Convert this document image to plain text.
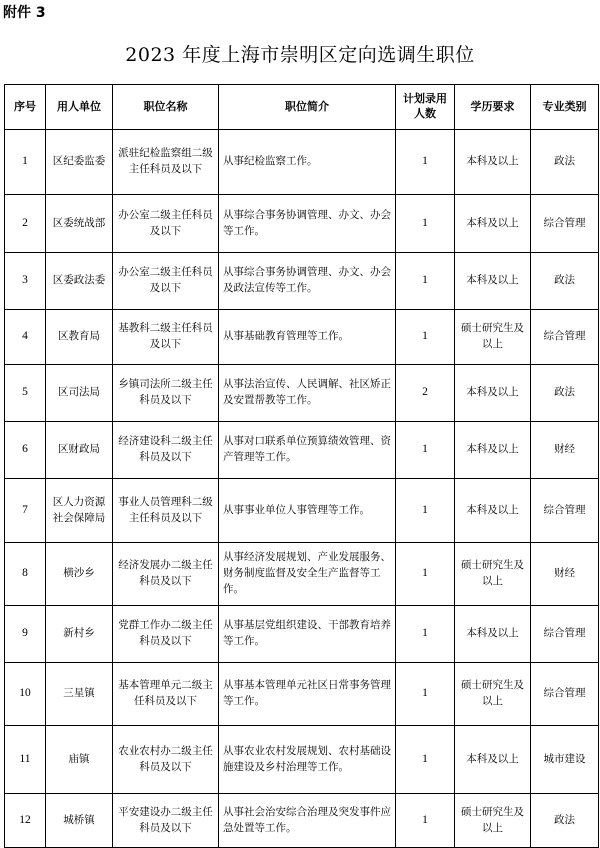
附件 3
2023 年度上海市崇明区定向选调生职位
序号	用人单位	职位名称	职位简介	计划录用人数	学历要求	专业类别
1	区纪委监委	派驻纪检监察组二级主任科员及以下	从事纪检监察工作。	1	本科及以上	政法
2	区委统战部	办公室二级主任科员及以下	从事综合事务协调管理、办文、办会等工作。	1	本科及以上	综合管理
3	区委政法委	办公室二级主任科员及以下	从事综合事务协调管理、办文、办会及政法宣传等工作。	1	本科及以上	政法
4	区教育局	基教科二级主任科员及以下	从事基础教育管理等工作。	1	硕士研究生及以上	综合管理
5	区司法局	乡镇司法所二级主任科员及以下	从事法治宣传、人民调解、社区矫正及安置帮教等工作。	2	本科及以上	政法
6	区财政局	经济建设科二级主任科员及以下	从事对口联系单位预算绩效管理、资产管理等工作。	1	本科及以上	财经
7	区人力资源社会保障局	事业人员管理科二级主任科员及以下	从事事业单位人事管理等工作。	1	本科及以上	综合管理
8	横沙乡	经济发展办二级主任科员及以下	从事经济发展规划、产业发展服务、财务制度监督及安全生产监督等工作。	1	硕士研究生及以上	财经
9	新村乡	党群工作办二级主任科员及以下	从事基层党组织建设、干部教育培养等工作。	1	本科及以上	综合管理
10	三星镇	基本管理单元二级主任科员及以下	从事基本管理单元社区日常事务管理等工作。	1	硕士研究生及以上	综合管理
11	庙镇	农业农村办二级主任科员及以下	从事农业农村发展规划、农村基础设施建设及乡村治理等工作。	1	本科及以上	城市建设
12	城桥镇	平安建设办二级主任科员及以下	从事社会治安综合治理及突发事件应急处置等工作。	1	硕士研究生及以上	政法
